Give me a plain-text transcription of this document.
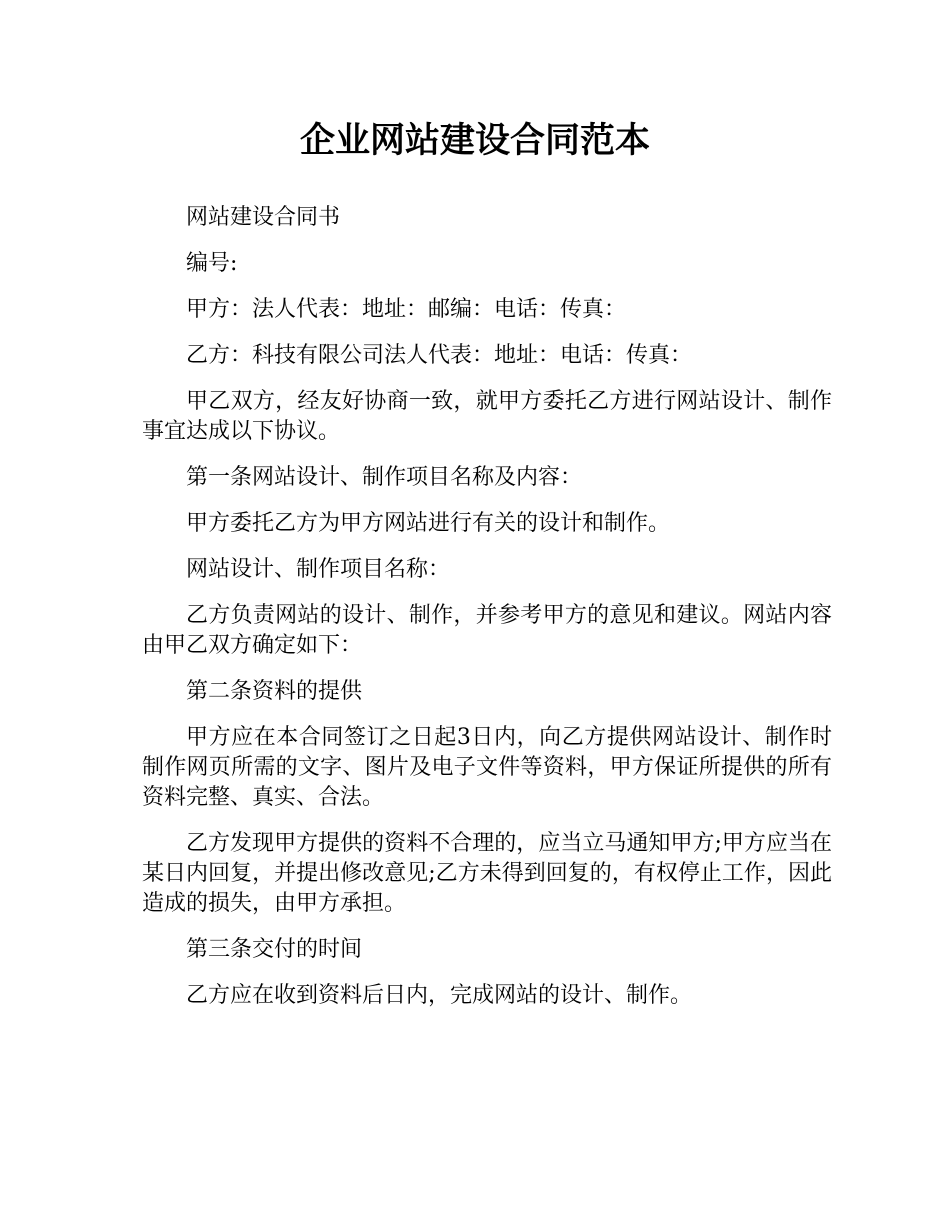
企业网站建设合同范本

网站建设合同书

编号:

甲方：法人代表：地址：邮编：电话：传真：

乙方：科技有限公司法人代表：地址：电话：传真：

甲乙双方，经友好协商一致，就甲方委托乙方进行网站设计、制作事宜达成以下协议。

第一条网站设计、制作项目名称及内容：

甲方委托乙方为甲方网站进行有关的设计和制作。

网站设计、制作项目名称：

乙方负责网站的设计、制作，并参考甲方的意见和建议。网站内容由甲乙双方确定如下：

第二条资料的提供

甲方应在本合同签订之日起3日内，向乙方提供网站设计、制作时制作网页所需的文字、图片及电子文件等资料，甲方保证所提供的所有资料完整、真实、合法。

乙方发现甲方提供的资料不合理的，应当立马通知甲方;甲方应当在某日内回复，并提出修改意见;乙方未得到回复的，有权停止工作，因此造成的损失，由甲方承担。

第三条交付的时间

乙方应在收到资料后日内，完成网站的设计、制作。
